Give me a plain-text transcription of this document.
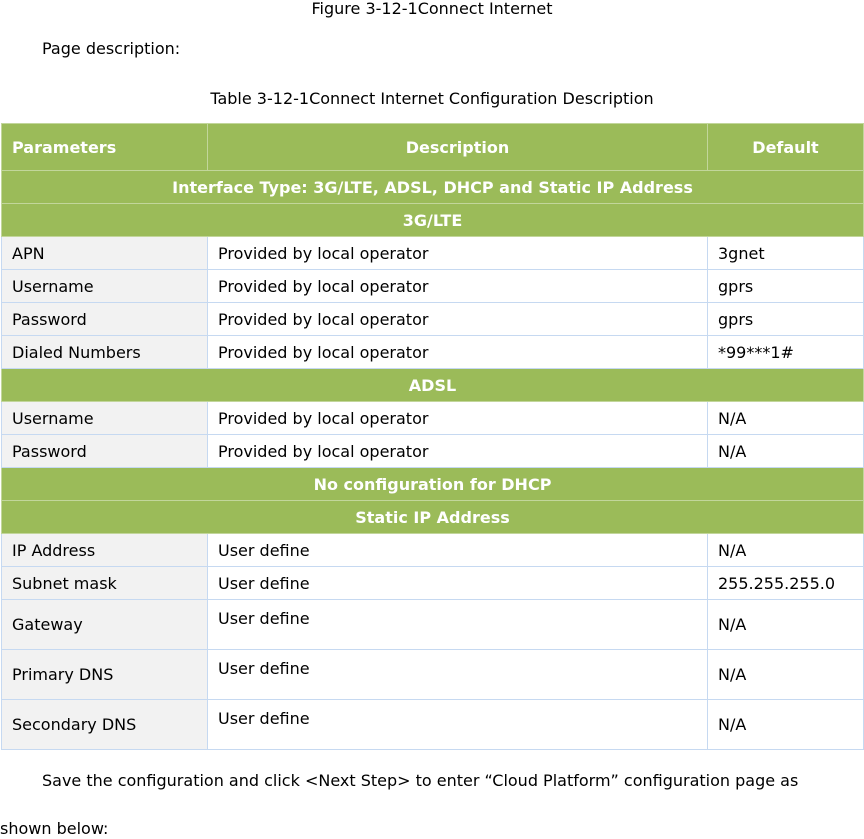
Figure 3-12-1Connect Internet
Page description:
Table 3-12-1Connect Internet Configuration Description
Parameters	Description	Default
Interface Type: 3G/LTE, ADSL, DHCP and Static IP Address		
3G/LTE		
APN	Provided by local operator	3gnet
Username	Provided by local operator	gprs
Password	Provided by local operator	gprs
Dialed Numbers	Provided by local operator	*99***1#
ADSL		
Username	Provided by local operator	N/A
Password	Provided by local operator	N/A
No configuration for DHCP		
Static IP Address		
IP Address	User define	N/A
Subnet mask	User define	255.255.255.0
Gateway	User define	N/A
Primary DNS	User define	N/A
Secondary DNS	User define	N/A
Save the configuration and click <Next Step> to enter “Cloud Platform” configuration page as
shown below:
